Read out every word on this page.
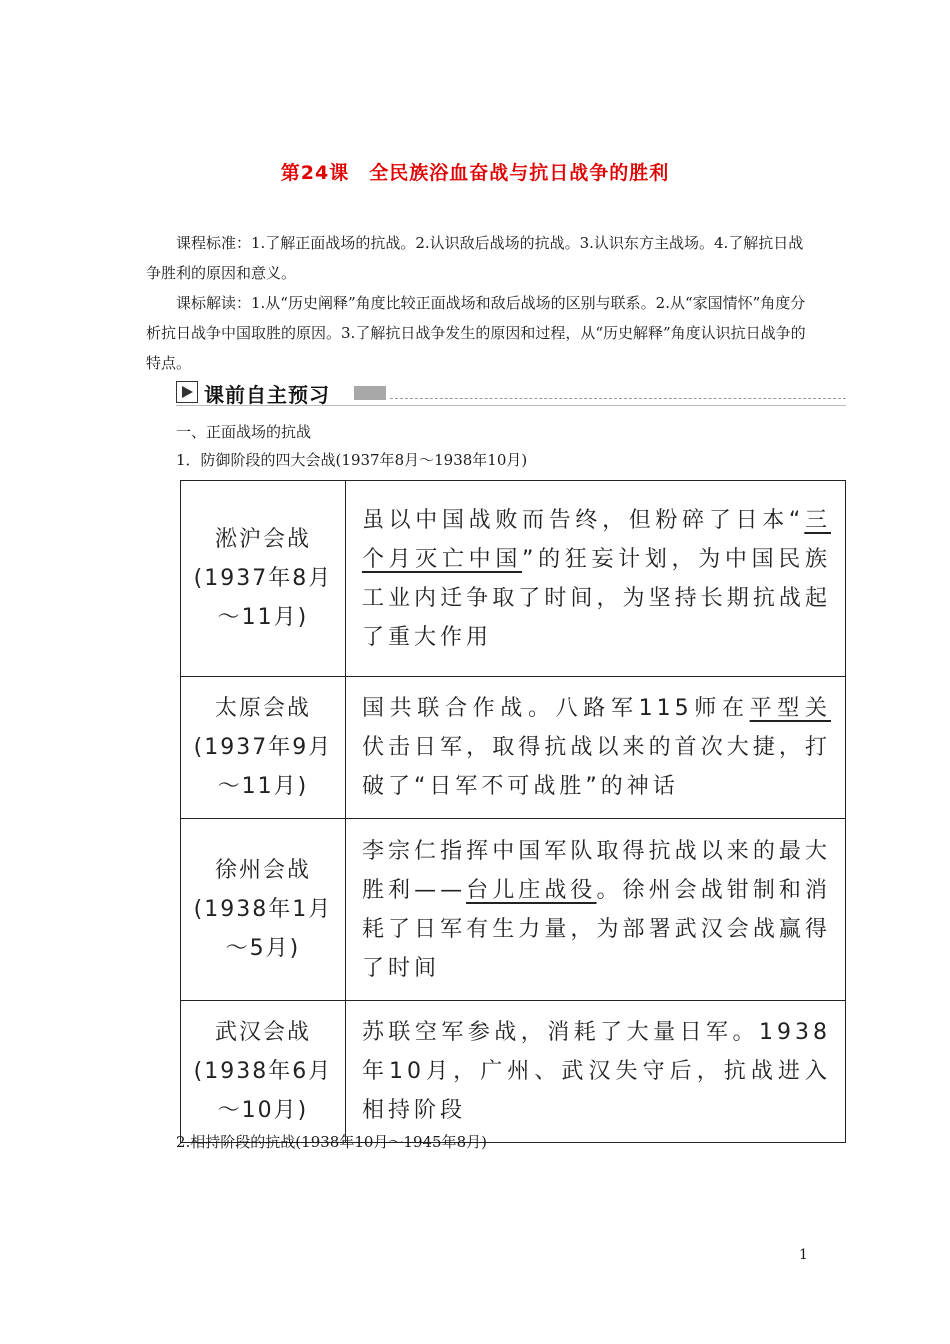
第24课　全民族浴血奋战与抗日战争的胜利

课程标准：1.了解正面战场的抗战。2.认识敌后战场的抗战。3.认识东方主战场。4.了解抗日战争胜利的原因和意义。

课标解读：1.从“历史阐释”角度比较正面战场和敌后战场的区别与联系。2.从“家国情怀”角度分析抗日战争中国取胜的原因。3.了解抗日战争发生的原因和过程，从“历史解释”角度认识抗日战争的特点。

课前自主预习
一、正面战场的抗战
1．防御阶段的四大会战(1937年8月～1938年10月)
淞沪会战
(1937年8月
～11月)	虽以中国战败而告终，但粉碎了日本“三个月灭亡中国”的狂妄计划，为中国民族工业内迁争取了时间，为坚持长期抗战起了重大作用

太原会战
(1937年9月
～11月)	国共联合作战。八路军115师在平型关伏击日军，取得抗战以来的首次大捷，打破了“日军不可战胜”的神话

徐州会战
(1938年1月
～5月)	李宗仁指挥中国军队取得抗战以来的最大胜利——台儿庄战役。徐州会战钳制和消耗了日军有生力量，为部署武汉会战赢得了时间

武汉会战
(1938年6月
～10月)	苏联空军参战，消耗了大量日军。1938年10月，广州、武汉失守后，抗战进入相持阶段
2.相持阶段的抗战(1938年10月～1945年8月)
1
